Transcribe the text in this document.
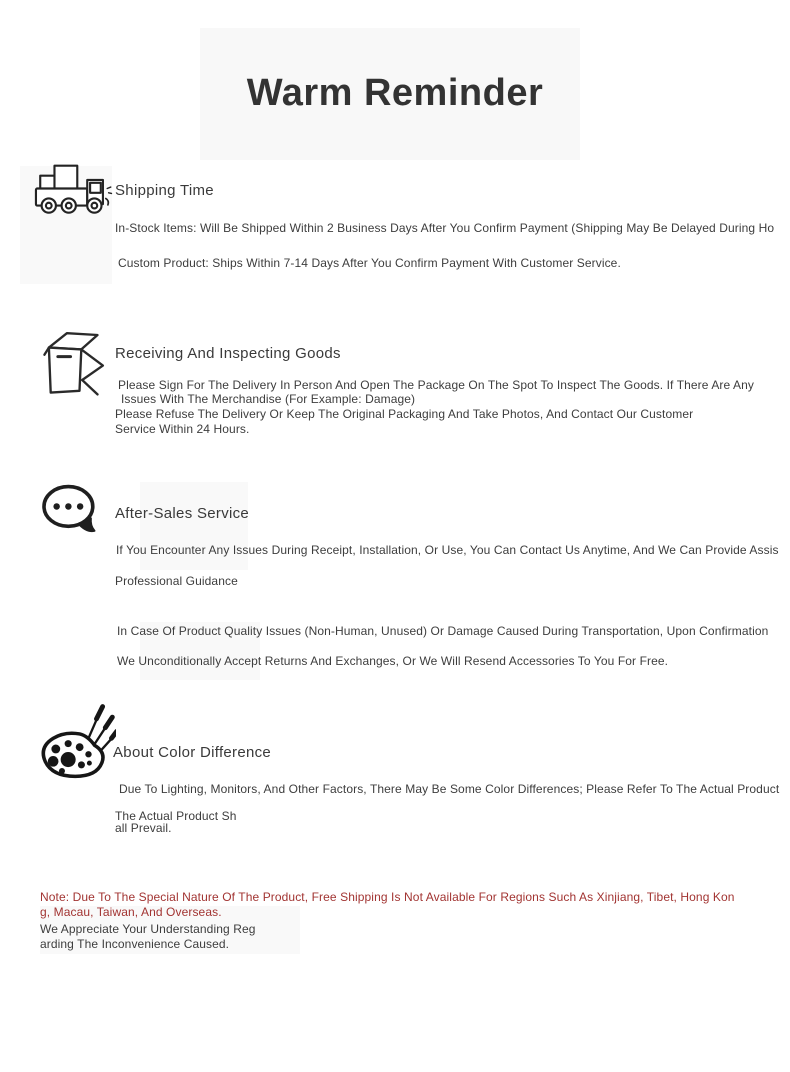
Warm Reminder
Shipping Time
In-Stock Items: Will Be Shipped Within 2 Business Days After You Confirm Payment (Shipping May Be Delayed During Ho
Custom Product: Ships Within 7-14 Days After You Confirm Payment With Customer Service.
Receiving And Inspecting Goods
Please Sign For The Delivery In Person And Open The Package On The Spot To Inspect The Goods. If There Are Any
Issues With The Merchandise (For Example: Damage)
Please Refuse The Delivery Or Keep The Original Packaging And Take Photos, And Contact Our Customer
Service Within 24 Hours.
After-Sales Service
If You Encounter Any Issues During Receipt, Installation, Or Use, You Can Contact Us Anytime, And We Can Provide Assis
Professional Guidance
In Case Of Product Quality Issues (Non-Human, Unused) Or Damage Caused During Transportation, Upon Confirmation
We Unconditionally Accept Returns And Exchanges, Or We Will Resend Accessories To You For Free.
About Color Difference
Due To Lighting, Monitors, And Other Factors, There May Be Some Color Differences; Please Refer To The Actual Product
The Actual Product Sh
all Prevail.
Note: Due To The Special Nature Of The Product, Free Shipping Is Not Available For Regions Such As Xinjiang, Tibet, Hong Kon
g, Macau, Taiwan, And Overseas.
We Appreciate Your Understanding Reg
arding The Inconvenience Caused.
